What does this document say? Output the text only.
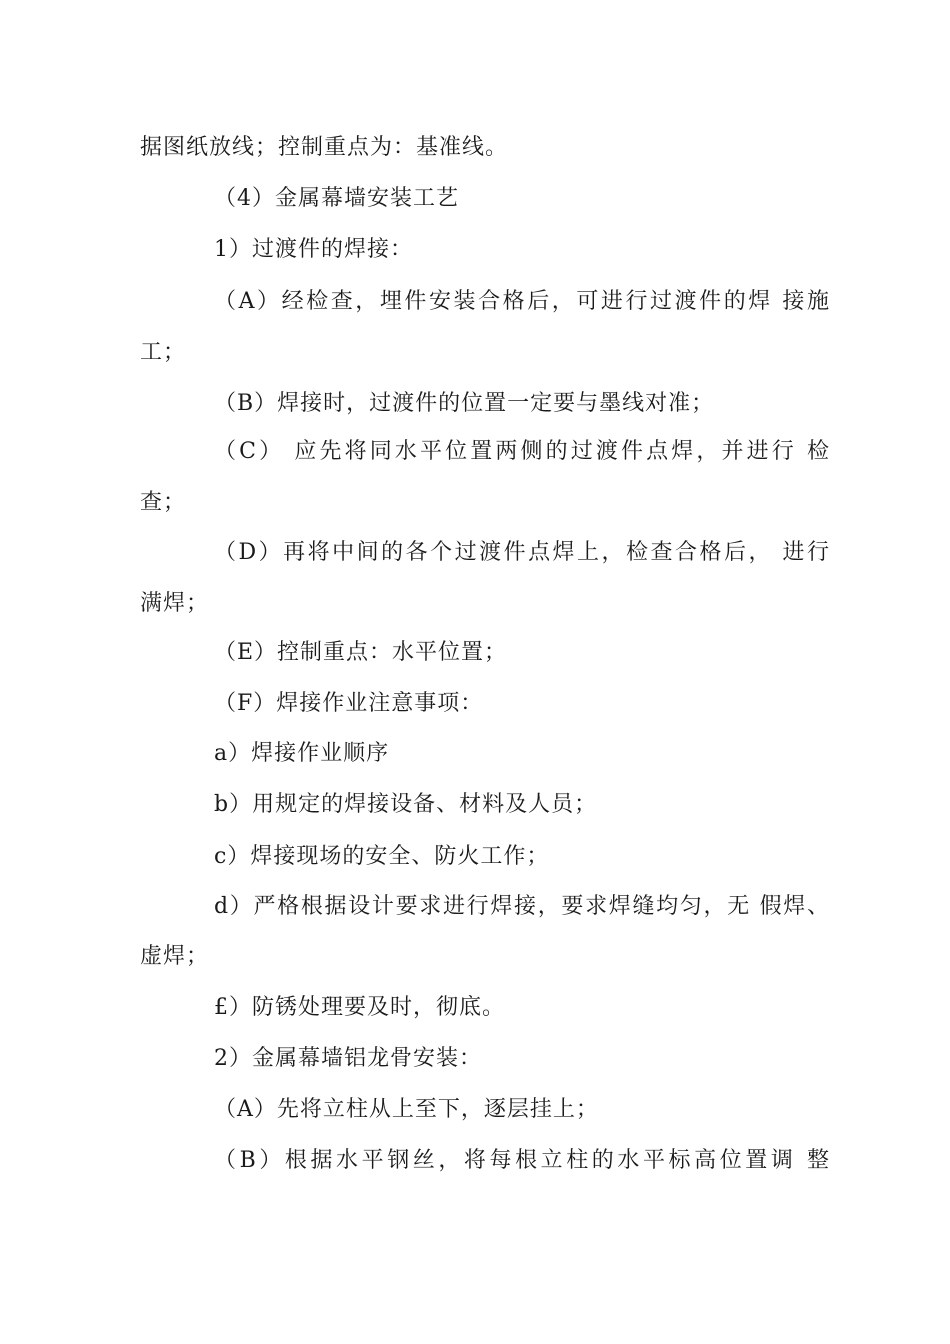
据图纸放线；控制重点为：基准线。
（4）金属幕墙安装工艺
1）过渡件的焊接：
（A）经检查，埋件安装合格后，可进行过渡件的焊 接施
工；
（B）焊接时，过渡件的位置一定要与墨线对准；
（C） 应先将同水平位置两侧的过渡件点焊，并进行 检
查；
（D）再将中间的各个过渡件点焊上，检查合格后， 进行
满焊；
（E）控制重点：水平位置；
（F）焊接作业注意事项：
a）焊接作业顺序
b）用规定的焊接设备、材料及人员；
c）焊接现场的安全、防火工作；
d）严格根据设计要求进行焊接，要求焊缝均匀，无 假焊、
虚焊；
£）防锈处理要及时，彻底。
2）金属幕墙铝龙骨安装：
（A）先将立柱从上至下，逐层挂上；
（B）根据水平钢丝，将每根立柱的水平标高位置调 整
